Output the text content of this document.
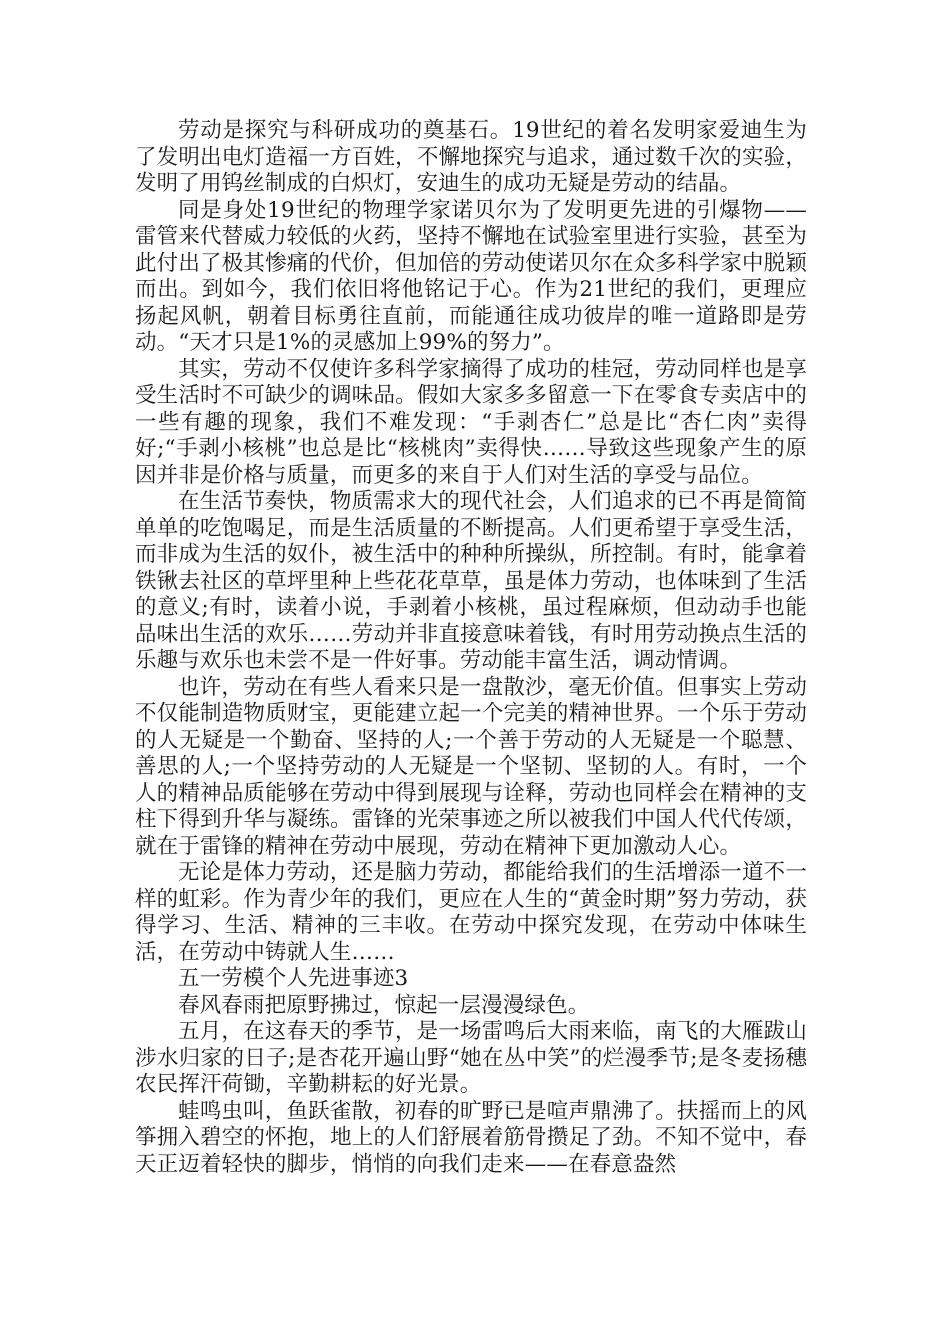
劳动是探究与科研成功的奠基石。19世纪的着名发明家爱迪生为了发明出电灯造福一方百姓，不懈地探究与追求，通过数千次的实验，发明了用钨丝制成的白炽灯，安迪生的成功无疑是劳动的结晶。

同是身处19世纪的物理学家诺贝尔为了发明更先进的引爆物——雷管来代替威力较低的火药，坚持不懈地在试验室里进行实验，甚至为此付出了极其惨痛的代价，但加倍的劳动使诺贝尔在众多科学家中脱颖而出。到如今，我们依旧将他铭记于心。作为21世纪的我们，更理应扬起风帆，朝着目标勇往直前，而能通往成功彼岸的唯一道路即是劳动。“天才只是1%的灵感加上99%的努力”。

其实，劳动不仅使许多科学家摘得了成功的桂冠，劳动同样也是享受生活时不可缺少的调味品。假如大家多多留意一下在零食专卖店中的一些有趣的现象，我们不难发现：“手剥杏仁”总是比“杏仁肉”卖得好;“手剥小核桃”也总是比“核桃肉”卖得快……导致这些现象产生的原因并非是价格与质量，而更多的来自于人们对生活的享受与品位。

在生活节奏快，物质需求大的现代社会，人们追求的已不再是简简单单的吃饱喝足，而是生活质量的不断提高。人们更希望于享受生活，而非成为生活的奴仆，被生活中的种种所操纵，所控制。有时，能拿着铁锹去社区的草坪里种上些花花草草，虽是体力劳动，也体味到了生活的意义;有时，读着小说，手剥着小核桃，虽过程麻烦，但动动手也能品味出生活的欢乐……劳动并非直接意味着钱，有时用劳动换点生活的乐趣与欢乐也未尝不是一件好事。劳动能丰富生活，调动情调。

也许，劳动在有些人看来只是一盘散沙，毫无价值。但事实上劳动不仅能制造物质财宝，更能建立起一个完美的精神世界。一个乐于劳动的人无疑是一个勤奋、坚持的人;一个善于劳动的人无疑是一个聪慧、善思的人;一个坚持劳动的人无疑是一个坚韧、坚韧的人。有时，一个人的精神品质能够在劳动中得到展现与诠释，劳动也同样会在精神的支柱下得到升华与凝练。雷锋的光荣事迹之所以被我们中国人代代传颂，就在于雷锋的精神在劳动中展现，劳动在精神下更加激动人心。

无论是体力劳动，还是脑力劳动，都能给我们的生活增添一道不一样的虹彩。作为青少年的我们，更应在人生的“黄金时期”努力劳动，获得学习、生活、精神的三丰收。在劳动中探究发现，在劳动中体味生活，在劳动中铸就人生……

五一劳模个人先进事迹3

春风春雨把原野拂过，惊起一层漫漫绿色。

五月，在这春天的季节，是一场雷鸣后大雨来临，南飞的大雁跋山涉水归家的日子;是杏花开遍山野“她在丛中笑”的烂漫季节;是冬麦扬穗农民挥汗荷锄，辛勤耕耘的好光景。

蛙鸣虫叫，鱼跃雀散，初春的旷野已是喧声鼎沸了。扶摇而上的风筝拥入碧空的怀抱，地上的人们舒展着筋骨攒足了劲。不知不觉中，春天正迈着轻快的脚步，悄悄的向我们走来——在春意盎然
